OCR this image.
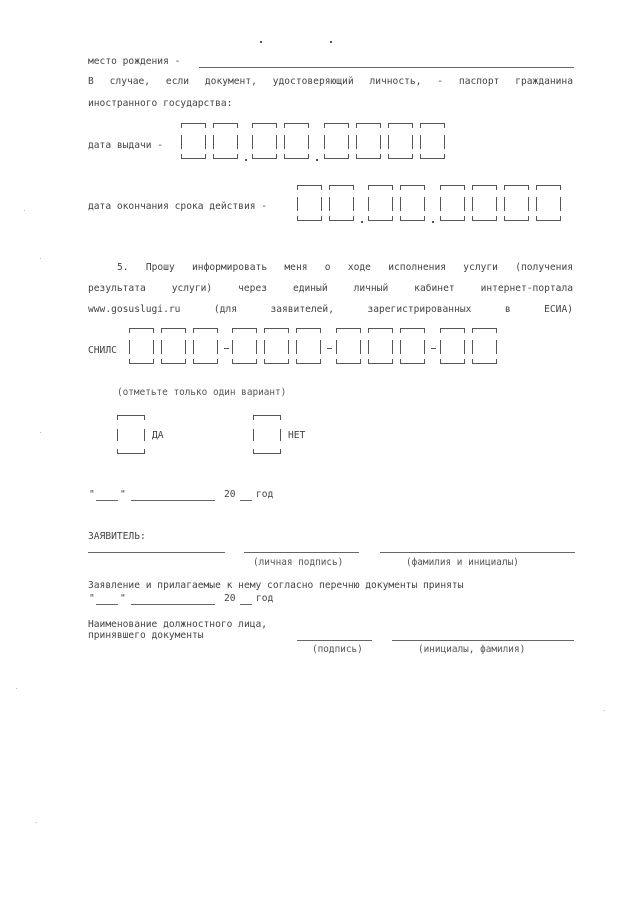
место рождения -
В случае, если документ, удостоверяющий личность, - паспорт гражданина
иностранного государства:
дата выдачи -
дата окончания срока действия -
5. Прошу информировать меня о ходе исполнения услуги (получения
результата услуги) через единый личный кабинет интернет-портала
www.gosuslugi.ru (для заявителей, зарегистрированных в ЕСИА)
СНИЛС
(отметьте только один вариант)
ДА	НЕТ
"	"	20 год
ЗАЯВИТЕЛЬ:
(личная подпись)	(фамилия и инициалы)
Заявление и прилагаемые к нему согласно перечню документы приняты
"	"	20 год
Наименование должностного лица,
принявшего документы
(подпись)	(инициалы, фамилия)
